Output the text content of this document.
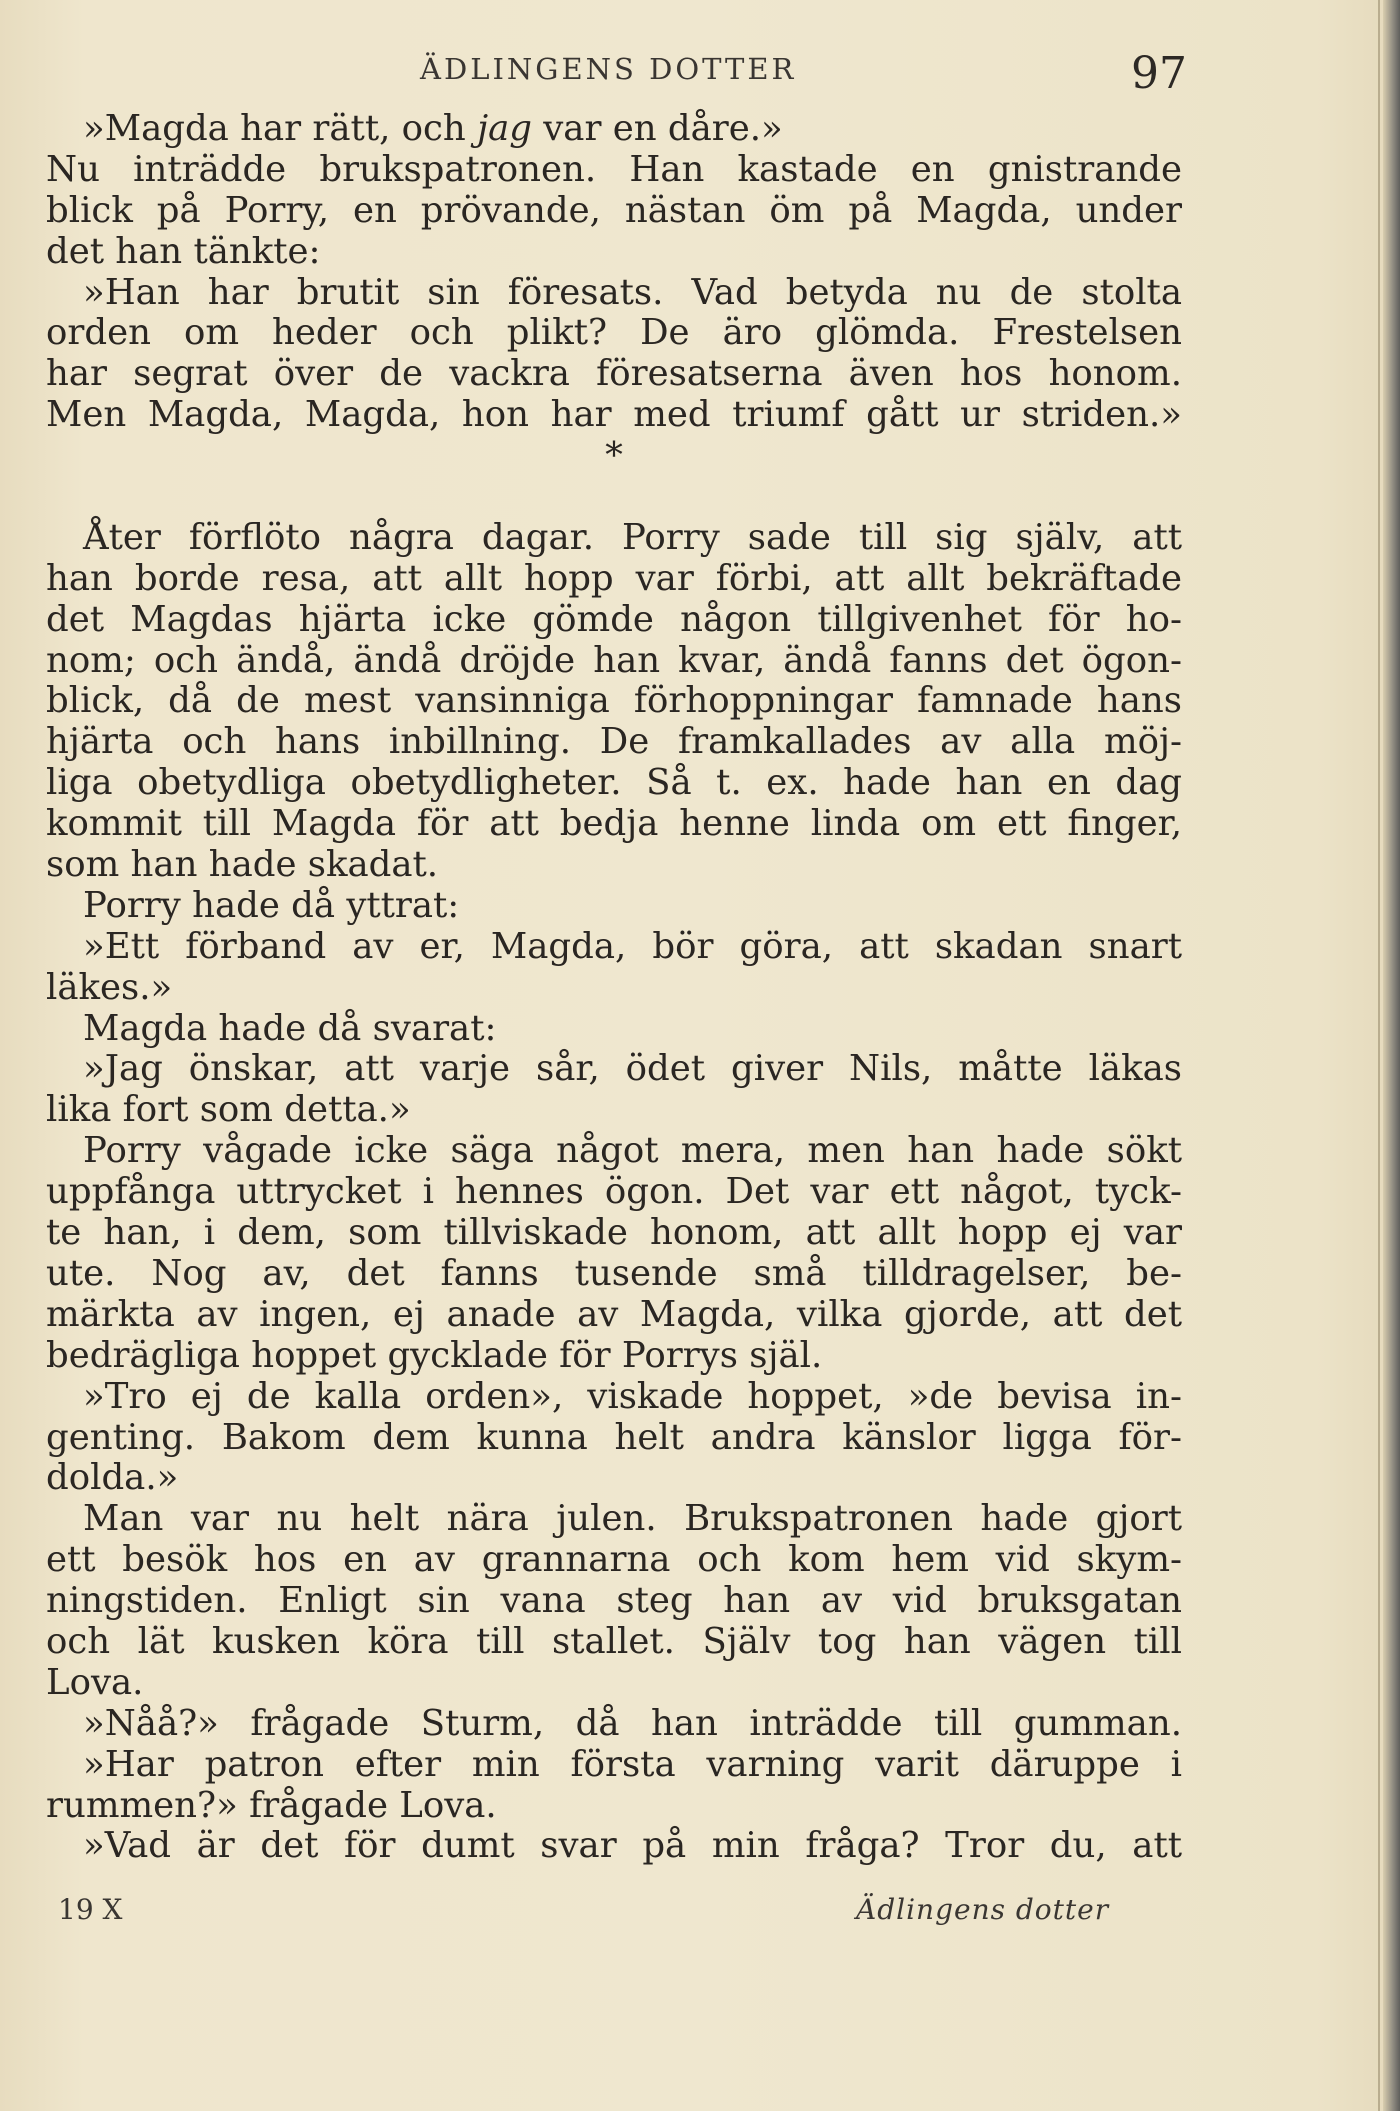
ÄDLINGENS DOTTER	97
»Magda har rätt, och jag var en dåre.»
Nu inträdde brukspatronen. Han kastade en gnistrande
blick på Porry, en prövande, nästan öm på Magda, under
det han tänkte:
»Han har brutit sin föresats. Vad betyda nu de stolta
orden om heder och plikt? De äro glömda. Frestelsen
har segrat över de vackra föresatserna även hos honom.
Men Magda, Magda, hon har med triumf gått ur striden.»
*

Åter förflöto några dagar. Porry sade till sig själv, att
han borde resa, att allt hopp var förbi, att allt bekräftade
det Magdas hjärta icke gömde någon tillgivenhet för ho-
nom; och ändå, ändå dröjde han kvar, ändå fanns det ögon-
blick, då de mest vansinniga förhoppningar famnade hans
hjärta och hans inbillning. De framkallades av alla möj-
liga obetydliga obetydligheter. Så t. ex. hade han en dag
kommit till Magda för att bedja henne linda om ett finger,
som han hade skadat.
Porry hade då yttrat:
»Ett förband av er, Magda, bör göra, att skadan snart
läkes.»
Magda hade då svarat:
»Jag önskar, att varje sår, ödet giver Nils, måtte läkas
lika fort som detta.»
Porry vågade icke säga något mera, men han hade sökt
uppfånga uttrycket i hennes ögon. Det var ett något, tyck-
te han, i dem, som tillviskade honom, att allt hopp ej var
ute. Nog av, det fanns tusende små tilldragelser, be-
märkta av ingen, ej anade av Magda, vilka gjorde, att det
bedrägliga hoppet gycklade för Porrys själ.
»Tro ej de kalla orden», viskade hoppet, »de bevisa in-
genting. Bakom dem kunna helt andra känslor ligga för-
dolda.»
Man var nu helt nära julen. Brukspatronen hade gjort
ett besök hos en av grannarna och kom hem vid skym-
ningstiden. Enligt sin vana steg han av vid bruksgatan
och lät kusken köra till stallet. Själv tog han vägen till
Lova.
»Nåå?» frågade Sturm, då han inträdde till gumman.
»Har patron efter min första varning varit däruppe i
rummen?» frågade Lova.
»Vad är det för dumt svar på min fråga? Tror du, att
19 X	Ädlingens dotter
